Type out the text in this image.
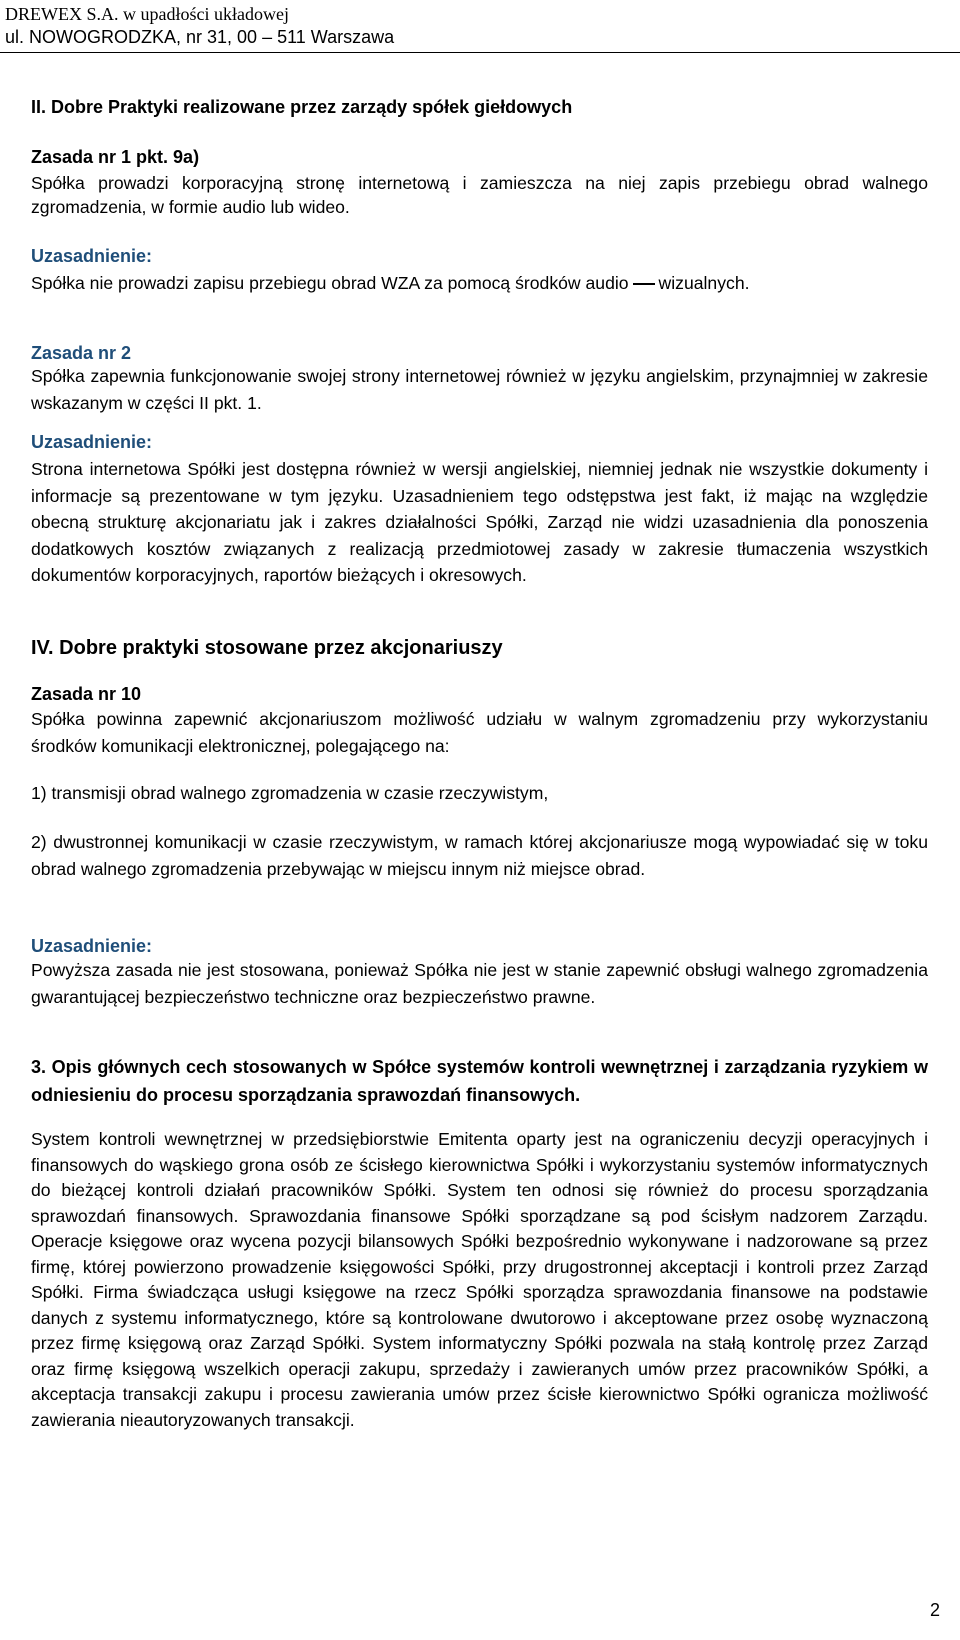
DREWEX S.A. w upadłości układowej
ul. NOWOGRODZKA, nr 31, 00 – 511 Warszawa
II. Dobre Praktyki realizowane przez zarządy spółek giełdowych
Zasada nr 1 pkt. 9a)
Spółka prowadzi korporacyjną stronę internetową i zamieszcza na niej zapis przebiegu obrad walnego zgromadzenia, w formie audio lub wideo.
Uzasadnienie:
Spółka nie prowadzi zapisu przebiegu obrad WZA za pomocą środków audio wizualnych.
Zasada nr 2
Spółka zapewnia funkcjonowanie swojej strony internetowej również w języku angielskim, przynajmniej w zakresie wskazanym w części II pkt. 1.
Uzasadnienie:
Strona internetowa Spółki jest dostępna również w wersji angielskiej, niemniej jednak nie wszystkie dokumenty i informacje są prezentowane w tym języku. Uzasadnieniem tego odstępstwa jest fakt, iż mając na względzie obecną strukturę akcjonariatu jak i zakres działalności Spółki, Zarząd nie widzi uzasadnienia dla ponoszenia dodatkowych kosztów związanych z realizacją przedmiotowej zasady w zakresie tłumaczenia wszystkich dokumentów korporacyjnych, raportów bieżących i okresowych.
IV. Dobre praktyki stosowane przez akcjonariuszy
Zasada nr 10
Spółka powinna zapewnić akcjonariuszom możliwość udziału w walnym zgromadzeniu przy wykorzystaniu środków komunikacji elektronicznej, polegającego na:
1) transmisji obrad walnego zgromadzenia w czasie rzeczywistym,
2) dwustronnej komunikacji w czasie rzeczywistym, w ramach której akcjonariusze mogą wypowiadać się w toku obrad walnego zgromadzenia przebywając w miejscu innym niż miejsce obrad.
Uzasadnienie:
Powyższa zasada nie jest stosowana, ponieważ Spółka nie jest w stanie zapewnić obsługi walnego zgromadzenia gwarantującej bezpieczeństwo techniczne oraz bezpieczeństwo prawne.
3. Opis głównych cech stosowanych w Spółce systemów kontroli wewnętrznej i zarządzania ryzykiem w odniesieniu do procesu sporządzania sprawozdań finansowych.
System kontroli wewnętrznej w przedsiębiorstwie Emitenta oparty jest na ograniczeniu decyzji operacyjnych i finansowych do wąskiego grona osób ze ścisłego kierownictwa Spółki i wykorzystaniu systemów informatycznych do bieżącej kontroli działań pracowników Spółki. System ten odnosi się również do procesu sporządzania sprawozdań finansowych. Sprawozdania finansowe Spółki sporządzane są pod ścisłym nadzorem Zarządu. Operacje księgowe oraz wycena pozycji bilansowych Spółki bezpośrednio wykonywane i nadzorowane są przez firmę, której powierzono prowadzenie księgowości Spółki, przy drugostronnej akceptacji i kontroli przez Zarząd Spółki. Firma świadcząca usługi księgowe na rzecz Spółki sporządza sprawozdania finansowe na podstawie danych z systemu informatycznego, które są kontrolowane dwutorowo i akceptowane przez osobę wyznaczoną przez firmę księgową oraz Zarząd Spółki. System informatyczny Spółki pozwala na stałą kontrolę przez Zarząd oraz firmę księgową wszelkich operacji zakupu, sprzedaży i zawieranych umów przez pracowników Spółki, a akceptacja transakcji zakupu i procesu zawierania umów przez ścisłe kierownictwo Spółki ogranicza możliwość zawierania nieautoryzowanych transakcji.
2
